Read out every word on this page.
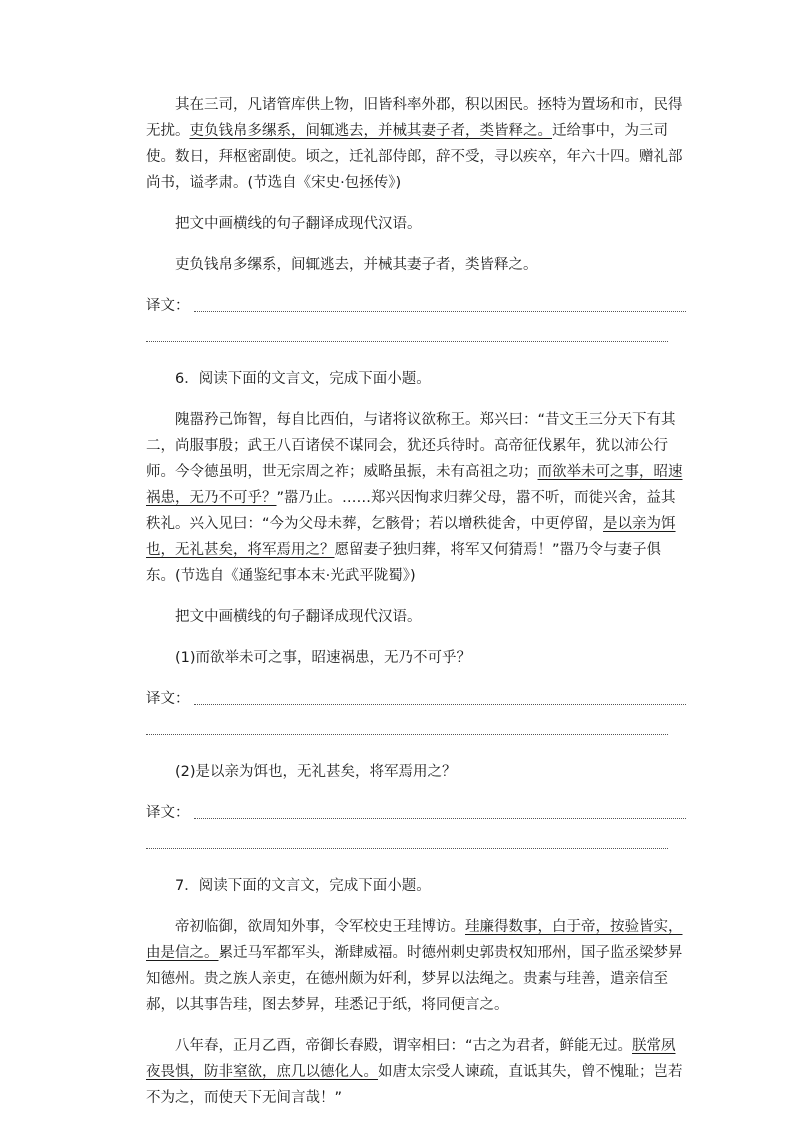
其在三司，凡诸管库供上物，旧皆科率外郡，积以困民。拯特为置场和市，民得无扰。吏负钱帛多缧系，间辄逃去，并械其妻子者，类皆释之。迁给事中，为三司使。数日，拜枢密副使。顷之，迁礼部侍郎，辞不受，寻以疾卒，年六十四。赠礼部尚书，谥孝肃。(节选自《宋史·包拯传》)

把文中画横线的句子翻译成现代汉语。

吏负钱帛多缧系，间辄逃去，并械其妻子者，类皆释之。

译文：

6．阅读下面的文言文，完成下面小题。

隗嚣矜己饰智，每自比西伯，与诸将议欲称王。郑兴曰：“昔文王三分天下有其二，尚服事殷；武王八百诸侯不谋同会，犹还兵待时。高帝征伐累年，犹以沛公行师。今令德虽明，世无宗周之祚；威略虽振，未有高祖之功；而欲举未可之事，昭速祸患，无乃不可乎？”嚣乃止。……郑兴因恂求归葬父母，嚣不听，而徙兴舍，益其秩礼。兴入见曰：“今为父母未葬，乞骸骨；若以增秩徙舍，中更停留，是以亲为饵也，无礼甚矣，将军焉用之？愿留妻子独归葬，将军又何猜焉！”嚣乃令与妻子俱东。(节选自《通鉴纪事本末·光武平陇蜀》)

把文中画横线的句子翻译成现代汉语。

(1)而欲举未可之事，昭速祸患，无乃不可乎？

译文：

(2)是以亲为饵也，无礼甚矣，将军焉用之？

译文：

7．阅读下面的文言文，完成下面小题。

帝初临御，欲周知外事，令军校史王珪博访。珪廉得数事，白于帝，按验皆实，由是信之。累迁马军都军头，渐肆威福。时德州刺史郭贵权知邢州，国子监丞梁梦昇知德州。贵之族人亲吏，在德州颇为奸利，梦昇以法绳之。贵素与珪善，遣亲信至郝，以其事告珪，图去梦昇，珪悉记于纸，将同便言之。

八年春，正月乙酉，帝御长春殿，谓宰相曰：“古之为君者，鲜能无过。朕常夙夜畏惧，防非窒欲，庶几以德化人。如唐太宗受人谏疏，直诋其失，曾不愧耻；岂若不为之，而使天下无间言哉！”
